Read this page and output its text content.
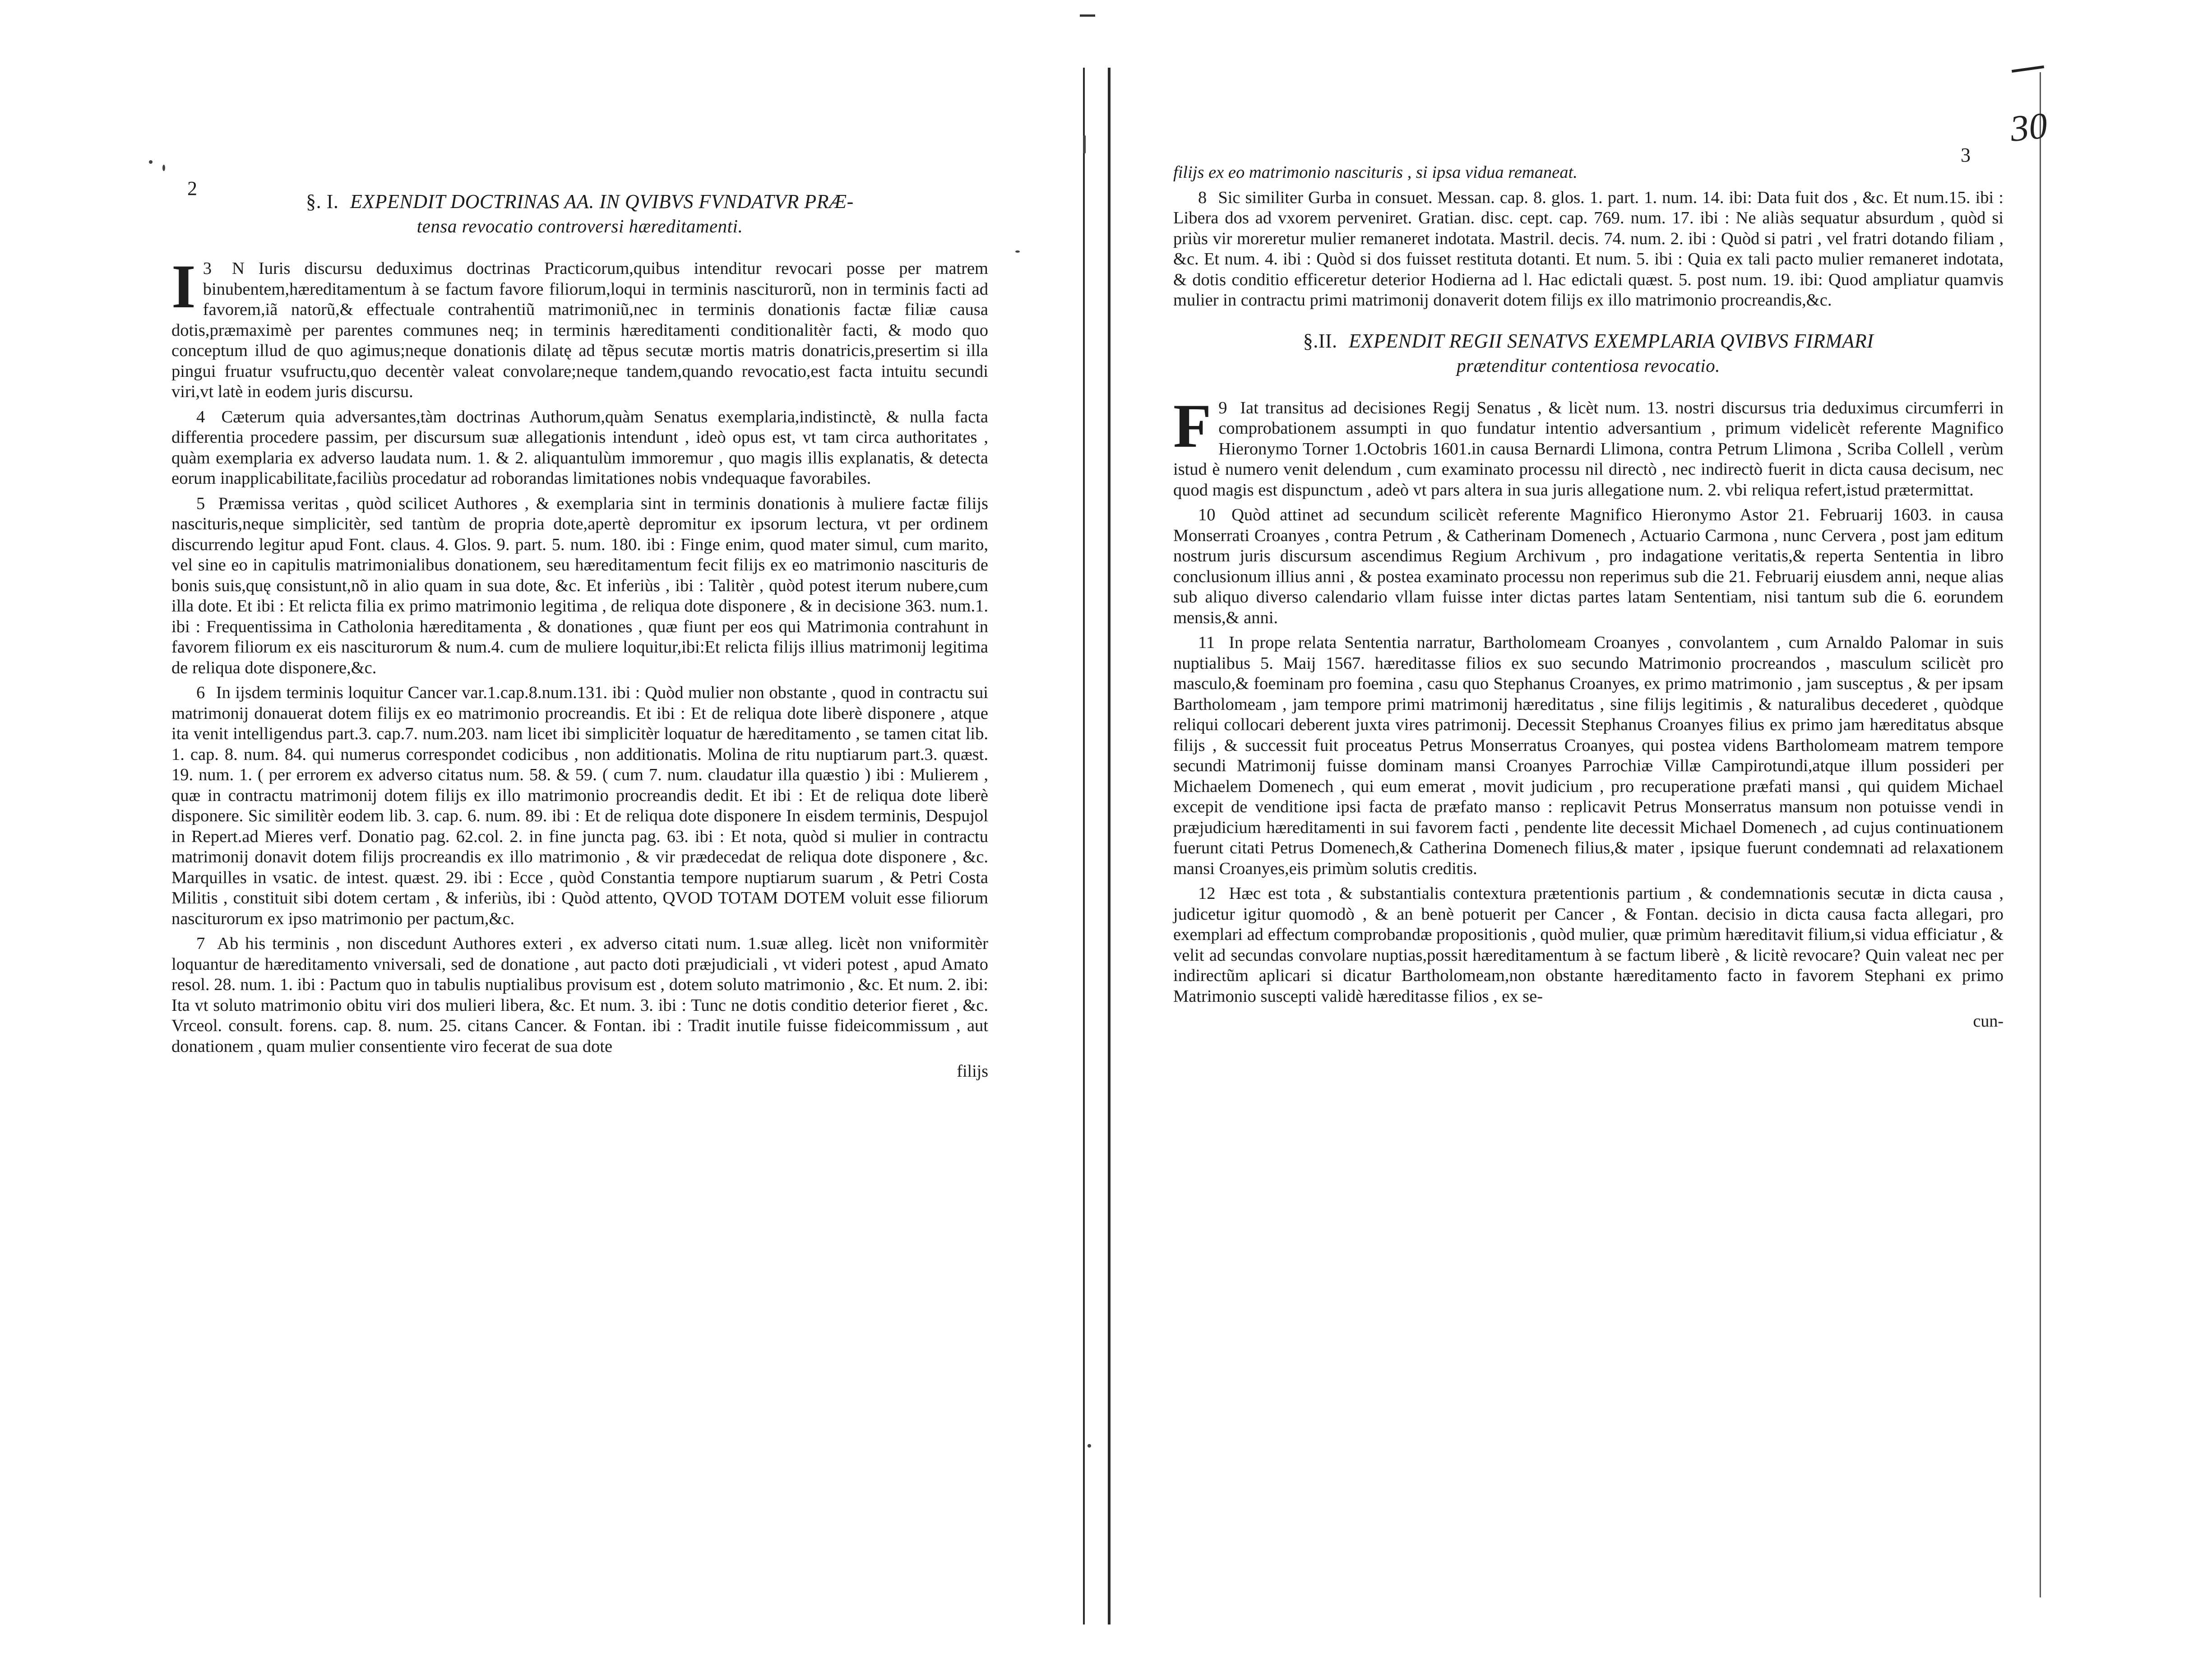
2
3
30
§. I. EXPENDIT DOCTRINAS AA. IN QVIBVS FVNDATVR PRÆ-
tensa revocatio controversi hæreditamenti.

3
I N Iuris discursu deduximus doctrinas Practicorum,quibus intenditur revocari posse per matrem binubentem,hæreditamentum à se factum favore filiorum,loqui in terminis nasciturorũ, non in terminis facti ad favorem,iã natorũ,& effectuale contrahentiũ matrimoniũ,nec in terminis donationis factæ filiæ causa dotis,præmaximè per parentes communes neq; in terminis hæreditamenti conditionalitèr facti, & modo quo conceptum illud de quo agimus;neque donationis dilatę ad tẽpus secutæ mortis matris donatricis,presertim si illa pingui fruatur vsufructu,quo decentèr valeat convolare;neque tandem,quando revocatio,est facta intuitu secundi viri,vt latè in eodem juris discursu.

4 Cæterum quia adversantes,tàm doctrinas Authorum,quàm Senatus exemplaria,indistinctè, & nulla facta differentia procedere passim, per discursum suæ allegationis intendunt , ideò opus est, vt tam circa authoritates , quàm exemplaria ex adverso laudata num. 1. & 2. aliquantulùm immoremur , quo magis illis explanatis, & detecta eorum inapplicabilitate,faciliùs procedatur ad roborandas limitationes nobis vndequaque favorabiles.

5 Præmissa veritas , quòd scilicet Authores , & exemplaria sint in terminis donationis à muliere factæ filijs nascituris,neque simplicitèr, sed tantùm de propria dote,apertè depromitur ex ipsorum lectura, vt per ordinem discurrendo legitur apud Font. claus. 4. Glos. 9. part. 5. num. 180. ibi : Finge enim, quod mater simul, cum marito, vel sine eo in capitulis matrimonialibus donationem, seu hæreditamentum fecit filijs ex eo matrimonio nascituris de bonis suis,quę consistunt,nõ in alio quam in sua dote, &c. Et inferiùs , ibi : Talitèr , quòd potest iterum nubere,cum illa dote. Et ibi : Et relicta filia ex primo matrimonio legitima , de reliqua dote disponere , & in decisione 363. num.1. ibi : Frequentissima in Catholonia hæreditamenta , & donationes , quæ fiunt per eos qui Matrimonia contrahunt in favorem filiorum ex eis nasciturorum & num.4. cum de muliere loquitur,ibi:Et relicta filijs illius matrimonij legitima de reliqua dote disponere,&c.

6 In ijsdem terminis loquitur Cancer var.1.cap.8.num.131. ibi : Quòd mulier non obstante , quod in contractu sui matrimonij donauerat dotem filijs ex eo matrimonio procreandis. Et ibi : Et de reliqua dote liberè disponere , atque ita venit intelligendus part.3. cap.7. num.203. nam licet ibi simplicitèr loquatur de hæreditamento , se tamen citat lib. 1. cap. 8. num. 84. qui numerus correspondet codicibus , non additionatis. Molina de ritu nuptiarum part.3. quæst. 19. num. 1. ( per errorem ex adverso citatus num. 58. & 59. ( cum 7. num. claudatur illa quæstio ) ibi : Mulierem , quæ in contractu matrimonij dotem filijs ex illo matrimonio procreandis dedit. Et ibi : Et de reliqua dote liberè disponere. Sic similitèr eodem lib. 3. cap. 6. num. 89. ibi : Et de reliqua dote disponere In eisdem terminis, Despujol in Repert.ad Mieres verf. Donatio pag. 62.col. 2. in fine juncta pag. 63. ibi : Et nota, quòd si mulier in contractu matrimonij donavit dotem filijs procreandis ex illo matrimonio , & vir prædecedat de reliqua dote disponere , &c. Marquilles in vsatic. de intest. quæst. 29. ibi : Ecce , quòd Constantia tempore nuptiarum suarum , & Petri Costa Militis , constituit sibi dotem certam , & inferiùs, ibi : Quòd attento, QVOD TOTAM DOTEM voluit esse filiorum nasciturorum ex ipso matrimonio per pactum,&c.

7 Ab his terminis , non discedunt Authores exteri , ex adverso citati num. 1.suæ alleg. licèt non vniformitèr loquantur de hæreditamento vniversali, sed de donatione , aut pacto doti præjudiciali , vt videri potest , apud Amato resol. 28. num. 1. ibi : Pactum quo in tabulis nuptialibus provisum est , dotem soluto matrimonio , &c. Et num. 2. ibi: Ita vt soluto matrimonio obitu viri dos mulieri libera, &c. Et num. 3. ibi : Tunc ne dotis conditio deterior fieret , &c. Vrceol. consult. forens. cap. 8. num. 25. citans Cancer. & Fontan. ibi : Tradit inutile fuisse fideicommissum , aut donationem , quam mulier consentiente viro fecerat de sua dote

filijs

filijs ex eo matrimonio nascituris , si ipsa vidua remaneat.

8 Sic similiter Gurba in consuet. Messan. cap. 8. glos. 1. part. 1. num. 14. ibi: Data fuit dos , &c. Et num.15. ibi : Libera dos ad vxorem perveniret. Gratian. disc. cept. cap. 769. num. 17. ibi : Ne aliàs sequatur absurdum , quòd si priùs vir moreretur mulier remaneret indotata. Mastril. decis. 74. num. 2. ibi : Quòd si patri , vel fratri dotando filiam , &c. Et num. 4. ibi : Quòd si dos fuisset restituta dotanti. Et num. 5. ibi : Quia ex tali pacto mulier remaneret indotata, & dotis conditio efficeretur deterior Hodierna ad l. Hac edictali quæst. 5. post num. 19. ibi: Quod ampliatur quamvis mulier in contractu primi matrimonij donaverit dotem filijs ex illo matrimonio procreandis,&c.

§.II. EXPENDIT REGII SENATVS EXEMPLARIA QVIBVS FIRMARI
prætenditur contentiosa revocatio.

9
F Iat transitus ad decisiones Regij Senatus , & licèt num. 13. nostri discursus tria deduximus circumferri in comprobationem assumpti in quo fundatur intentio adversantium , primum videlicèt referente Magnifico Hieronymo Torner 1.Octobris 1601.in causa Bernardi Llimona, contra Petrum Llimona , Scriba Collell , verùm istud è numero venit delendum , cum examinato processu nil directò , nec indirectò fuerit in dicta causa decisum, nec quod magis est dispunctum , adeò vt pars altera in sua juris allegatione num. 2. vbi reliqua refert,istud prætermittat.

10 Quòd attinet ad secundum scilicèt referente Magnifico Hieronymo Astor 21. Februarij 1603. in causa Monserrati Croanyes , contra Petrum , & Catherinam Domenech , Actuario Carmona , nunc Cervera , post jam editum nostrum juris discursum ascendimus Regium Archivum , pro indagatione veritatis,& reperta Sententia in libro conclusionum illius anni , & postea examinato processu non reperimus sub die 21. Februarij eiusdem anni, neque alias sub aliquo diverso calendario vllam fuisse inter dictas partes latam Sententiam, nisi tantum sub die 6. eorundem mensis,& anni.

11 In prope relata Sententia narratur, Bartholomeam Croanyes , convolantem , cum Arnaldo Palomar in suis nuptialibus 5. Maij 1567. hæreditasse filios ex suo secundo Matrimonio procreandos , masculum scilicèt pro masculo,& foeminam pro foemina , casu quo Stephanus Croanyes, ex primo matrimonio , jam susceptus , & per ipsam Bartholomeam , jam tempore primi matrimonij hæreditatus , sine filijs legitimis , & naturalibus decederet , quòdque reliqui collocari deberent juxta vires patrimonij. Decessit Stephanus Croanyes filius ex primo jam hæreditatus absque filijs , & successit fuit proceatus Petrus Monserratus Croanyes, qui postea videns Bartholomeam matrem tempore secundi Matrimonij fuisse dominam mansi Croanyes Parrochiæ Villæ Campirotundi,atque illum possideri per Michaelem Domenech , qui eum emerat , movit judicium , pro recuperatione præfati mansi , qui quidem Michael excepit de venditione ipsi facta de præfato manso : replicavit Petrus Monserratus mansum non potuisse vendi in præjudicium hæreditamenti in sui favorem facti , pendente lite decessit Michael Domenech , ad cujus continuationem fuerunt citati Petrus Domenech,& Catherina Domenech filius,& mater , ipsique fuerunt condemnati ad relaxationem mansi Croanyes,eis primùm solutis creditis.

12 Hæc est tota , & substantialis contextura prætentionis partium , & condemnationis secutæ in dicta causa , judicetur igitur quomodò , & an benè potuerit per Cancer , & Fontan. decisio in dicta causa facta allegari, pro exemplari ad effectum comprobandæ propositionis , quòd mulier, quæ primùm hæreditavit filium,si vidua efficiatur , & velit ad secundas convolare nuptias,possit hæreditamentum à se factum liberè , & licitè revocare? Quin valeat nec per indirectũm aplicari si dicatur Bartholomeam,non obstante hæreditamento facto in favorem Stephani ex primo Matrimonio suscepti validè hæreditasse filios , ex se-

cun-
